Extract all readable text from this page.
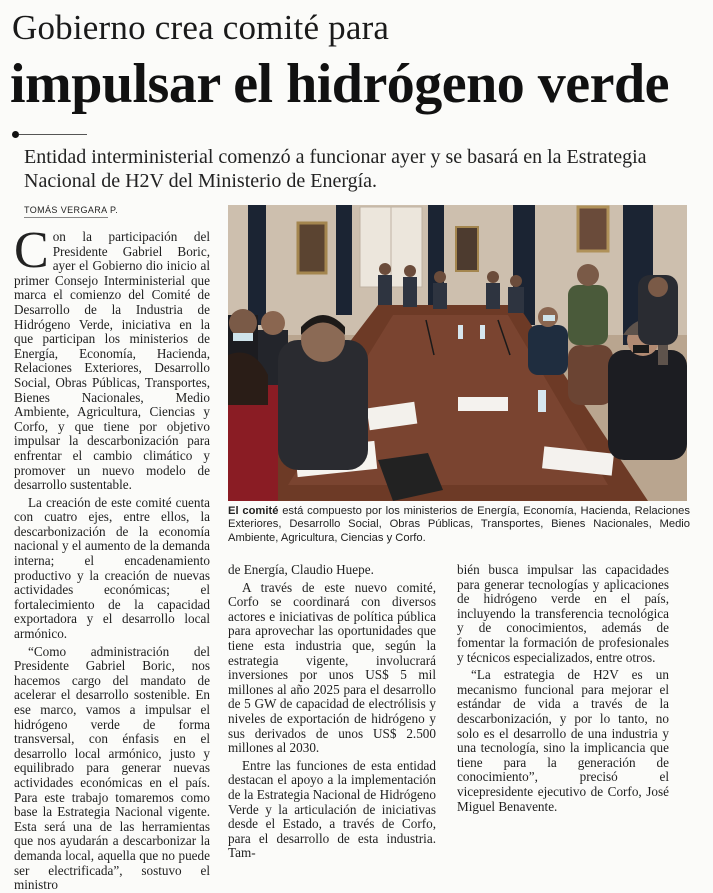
Gobierno crea comité para
impulsar el hidrógeno verde
Entidad interministerial comenzó a funcionar ayer y se basará en la Estrategia Nacional de H2V del Ministerio de Energía.
TOMÁS VERGARA P.

Con la participación del Presidente Gabriel Boric, ayer el Gobierno dio inicio al primer Consejo Interministerial que marca el comienzo del Comité de Desarrollo de la Industria de Hidrógeno Verde, iniciativa en la que participan los ministerios de Energía, Economía, Hacienda, Relaciones Exteriores, Desarrollo Social, Obras Públicas, Transportes, Bienes Nacionales, Medio Ambiente, Agricultura, Ciencias y Corfo, y que tiene por objetivo impulsar la descarbonización para enfrentar el cambio climático y promover un nuevo modelo de desarrollo sustentable.

La creación de este comité cuenta con cuatro ejes, entre ellos, la descarbonización de la economía nacional y el aumento de la demanda interna; el encadenamiento productivo y la creación de nuevas actividades económicas; el fortalecimiento de la capacidad exportadora y el desarrollo local armónico.

“Como administración del Presidente Gabriel Boric, nos hacemos cargo del mandato de acelerar el desarrollo sostenible. En ese marco, vamos a impulsar el hidrógeno verde de forma transversal, con énfasis en el desarrollo local armónico, justo y equilibrado para generar nuevas actividades económicas en el país. Para este trabajo tomaremos como base la Estrategia Nacional vigente. Esta será una de las herramientas que nos ayudarán a descarbonizar la demanda local, aquella que no puede ser electrificada”, sostuvo el ministro

El comité está compuesto por los ministerios de Energía, Economía, Hacienda, Relaciones Exteriores, Desarrollo Social, Obras Públicas, Transportes, Bienes Nacionales, Medio Ambiente, Agricultura, Ciencias y Corfo.

de Energía, Claudio Huepe.

A través de este nuevo comité, Corfo se coordinará con diversos actores e iniciativas de política pública para aprovechar las oportunidades que tiene esta industria que, según la estrategia vigente, involucrará inversiones por unos US$ 5 mil millones al año 2025 para el desarrollo de 5 GW de capacidad de electrólisis y niveles de exportación de hidrógeno y sus derivados de unos US$ 2.500 millones al 2030.

Entre las funciones de esta entidad destacan el apoyo a la implementación de la Estrategia Nacional de Hidrógeno Verde y la articulación de iniciativas desde el Estado, a través de Corfo, para el desarrollo de esta industria. Tam-

bién busca impulsar las capacidades para generar tecnologías y aplicaciones de hidrógeno verde en el país, incluyendo la transferencia tecnológica y de conocimientos, además de fomentar la formación de profesionales y técnicos especializados, entre otros.

“La estrategia de H2V es un mecanismo funcional para mejorar el estándar de vida a través de la descarbonización, y por lo tanto, no solo es el desarrollo de una industria y una tecnología, sino la implicancia que tiene para la generación de conocimiento”, precisó el vicepresidente ejecutivo de Corfo, José Miguel Benavente.
